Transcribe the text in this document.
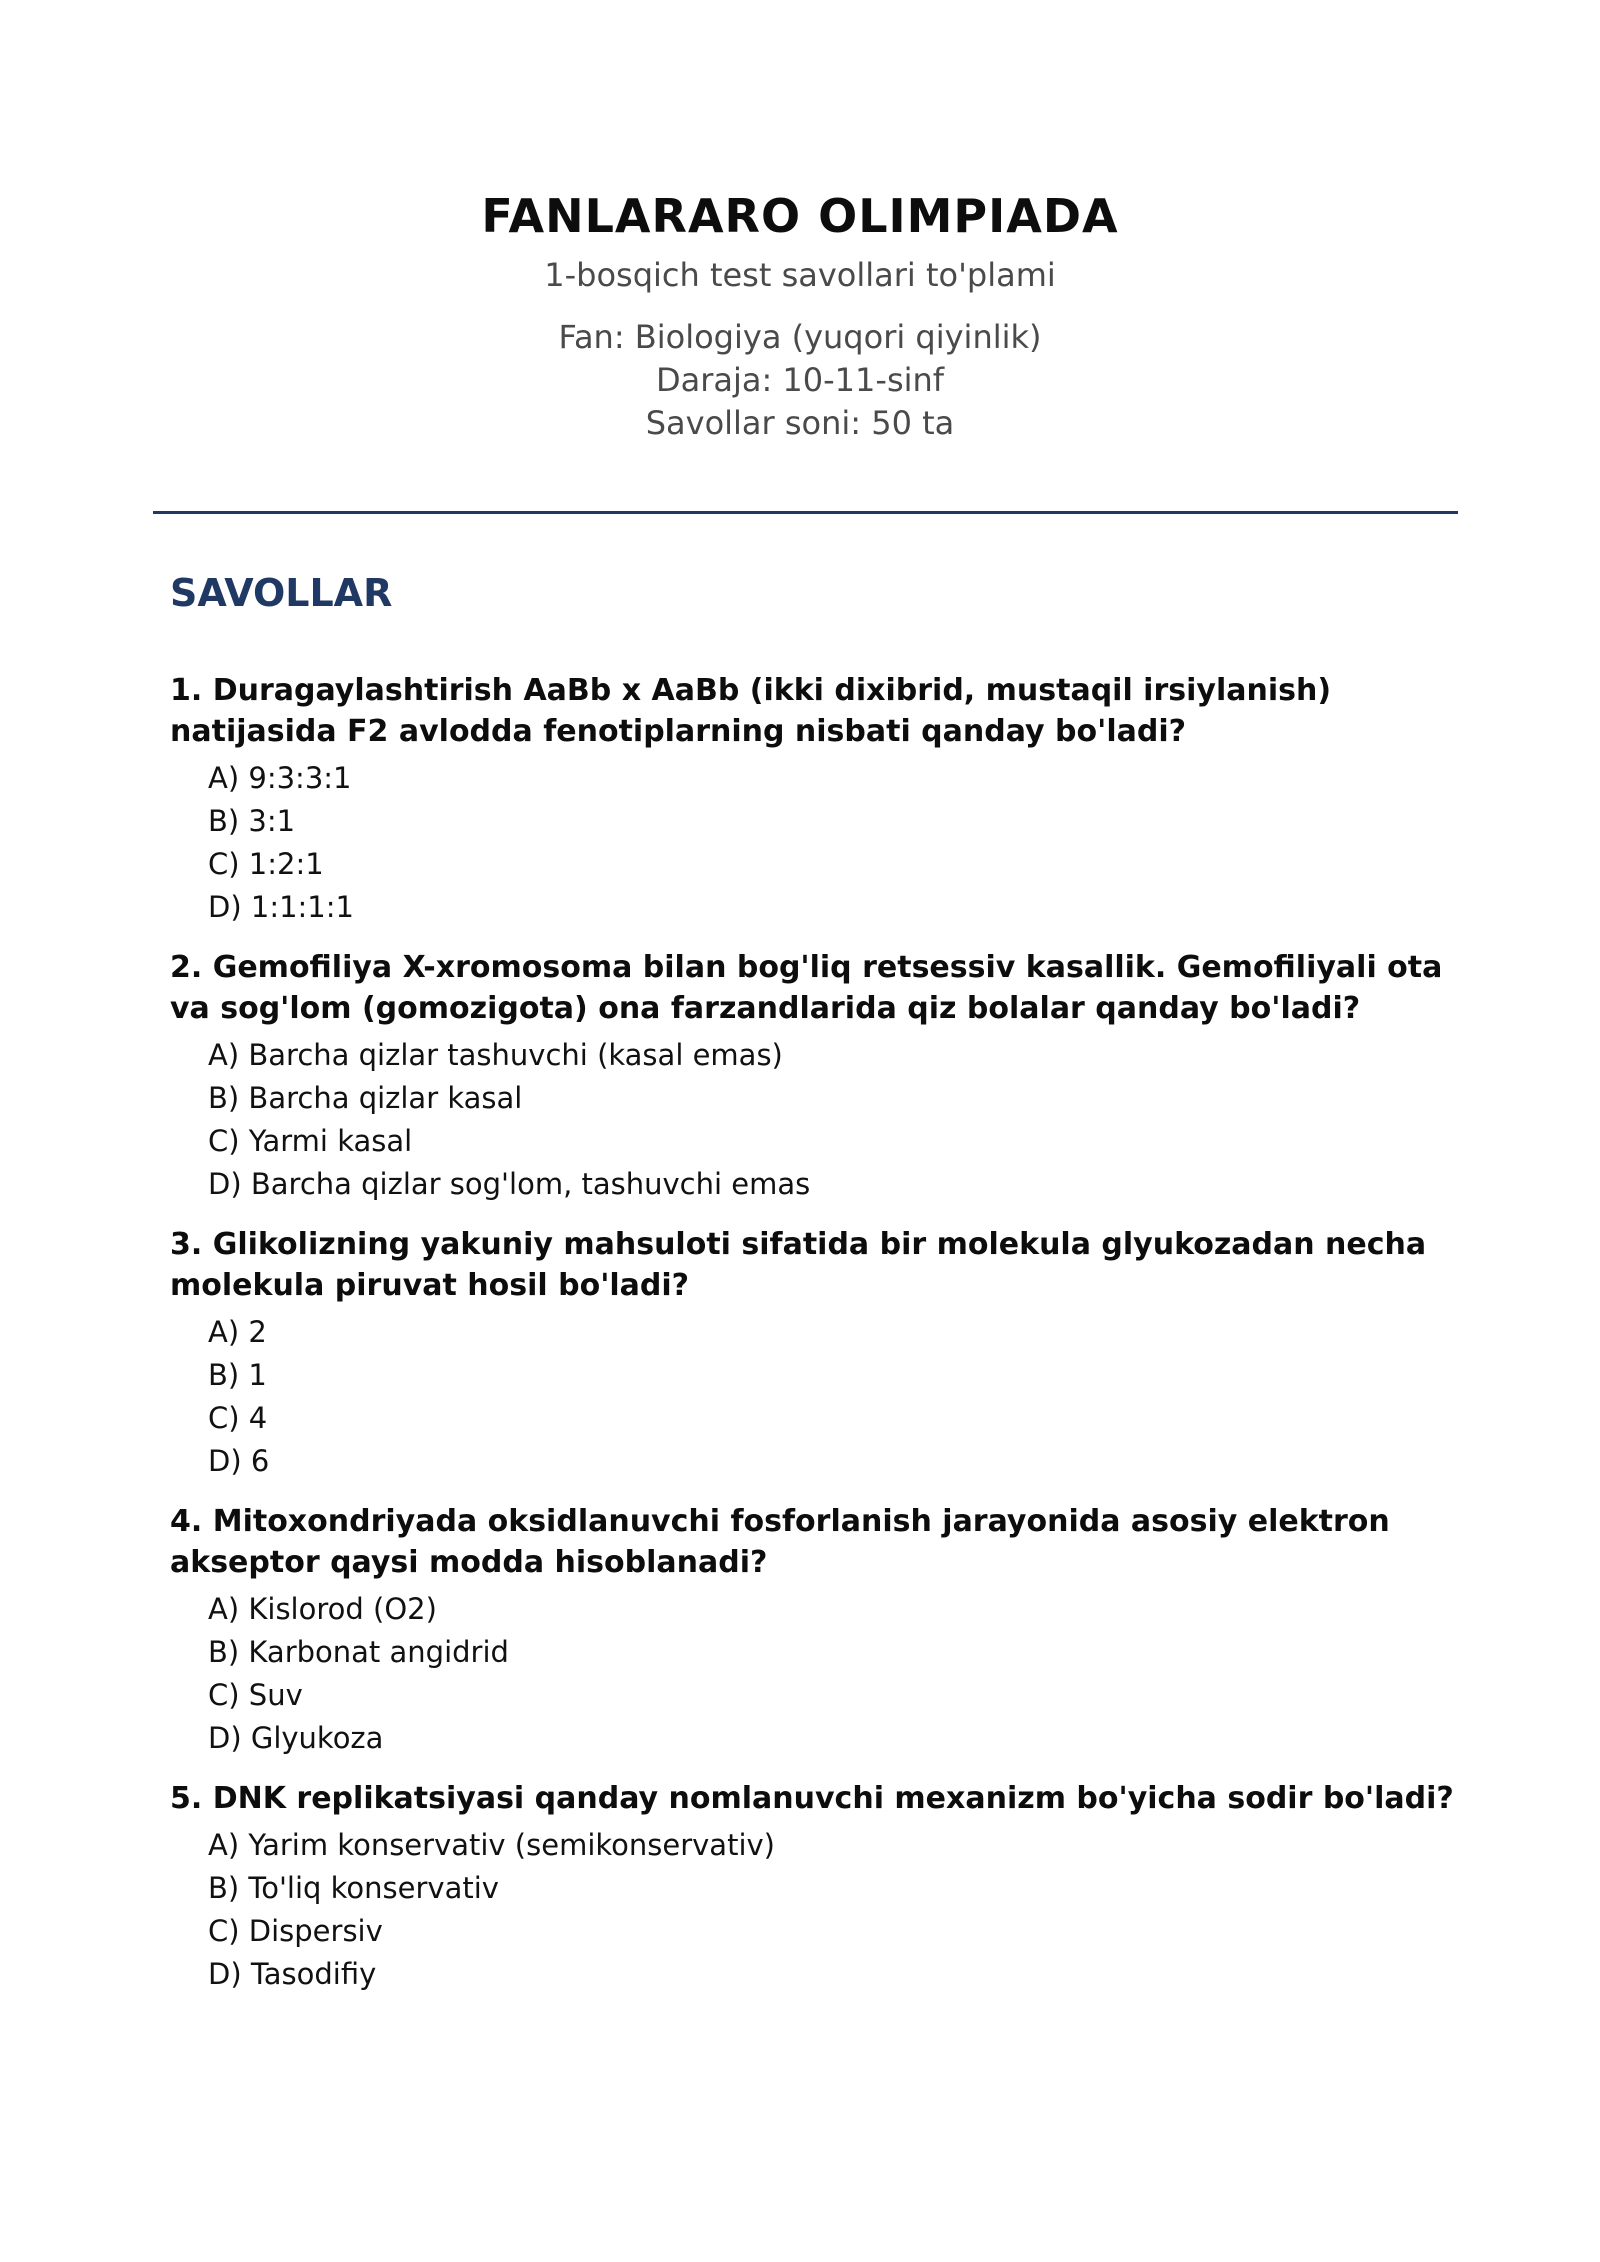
FANLARARO OLIMPIADA
1-bosqich test savollari to'plami
Fan: Biologiya (yuqori qiyinlik)
Daraja: 10-11-sinf
Savollar soni: 50 ta
SAVOLLAR

1. Duragaylashtirish AaBb x AaBb (ikki dixibrid, mustaqil irsiylanish) natijasida F2 avlodda fenotiplarning nisbati qanday bo'ladi?

A) 9:3:3:1
B) 3:1
C) 1:2:1
D) 1:1:1:1

2. Gemofiliya X-xromosoma bilan bog'liq retsessiv kasallik. Gemofiliyali ota va sog'lom (gomozigota) ona farzandlarida qiz bolalar qanday bo'ladi?

A) Barcha qizlar tashuvchi (kasal emas)
B) Barcha qizlar kasal
C) Yarmi kasal
D) Barcha qizlar sog'lom, tashuvchi emas

3. Glikolizning yakuniy mahsuloti sifatida bir molekula glyukozadan necha molekula piruvat hosil bo'ladi?

A) 2
B) 1
C) 4
D) 6

4. Mitoxondriyada oksidlanuvchi fosforlanish jarayonida asosiy elektron akseptor qaysi modda hisoblanadi?

A) Kislorod (O2)
B) Karbonat angidrid
C) Suv
D) Glyukoza

5. DNK replikatsiyasi qanday nomlanuvchi mexanizm bo'yicha sodir bo'ladi?

A) Yarim konservativ (semikonservativ)
B) To'liq konservativ
C) Dispersiv
D) Tasodifiy
